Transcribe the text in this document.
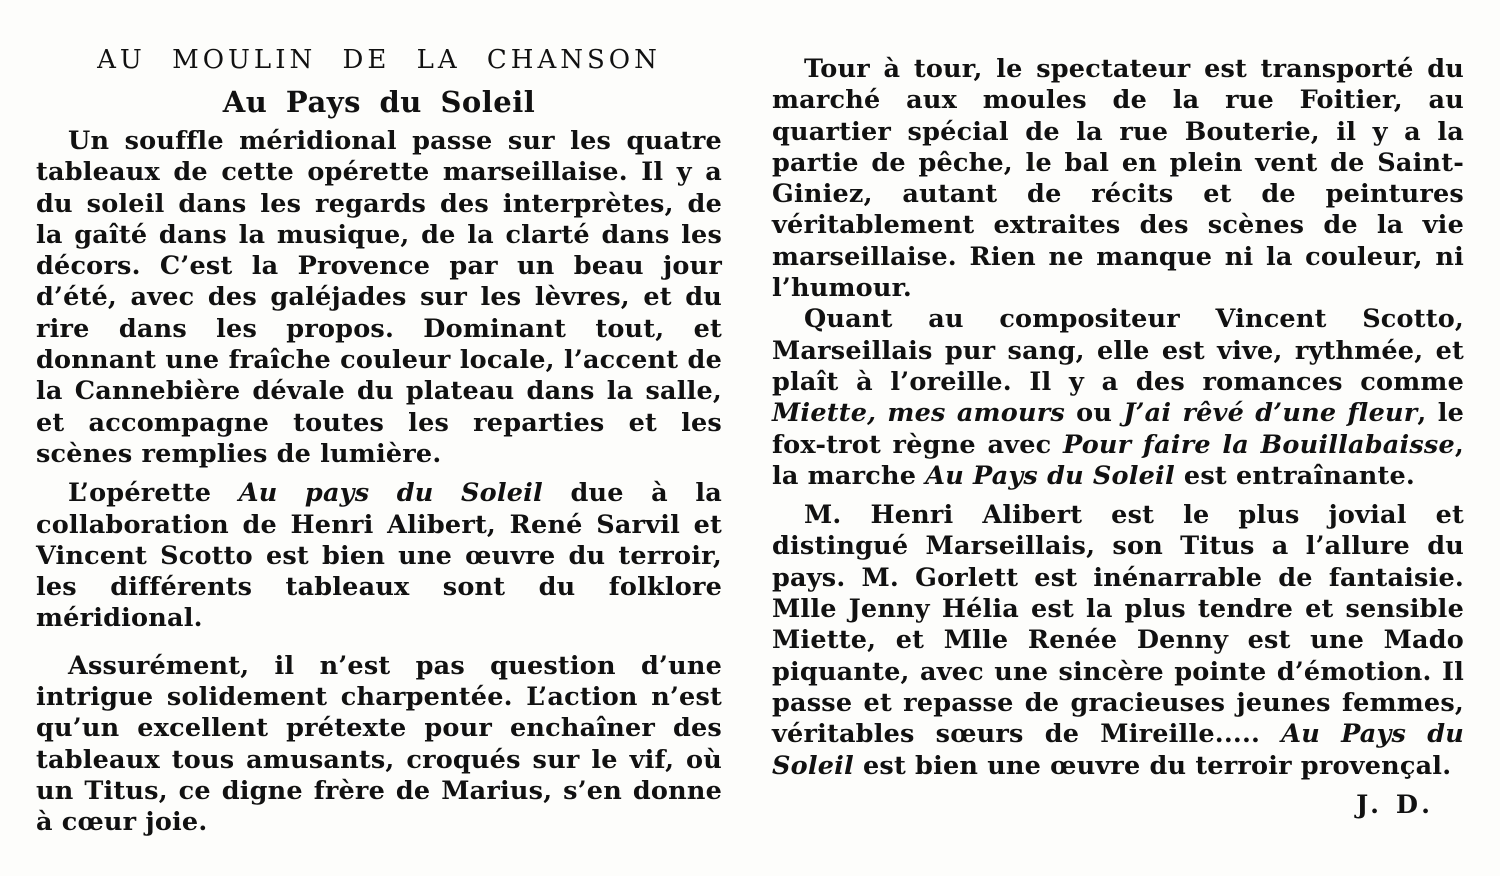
AU MOULIN DE LA CHANSON
Au Pays du Soleil

Un souffle méridional passe sur les quatre tableaux de cette opérette marseillaise. Il y a du soleil dans les regards des interprètes, de la gaîté dans la musique, de la clarté dans les décors. C’est la Provence par un beau jour d’été, avec des galéjades sur les lèvres, et du rire dans les propos. Dominant tout, et donnant une fraîche couleur locale, l’accent de la Cannebière dévale du plateau dans la salle, et accompagne toutes les reparties et les scènes remplies de lumière.

L’opérette Au pays du Soleil due à la collaboration de Henri Alibert, René Sarvil et Vincent Scotto est bien une œuvre du terroir, les différents tableaux sont du folklore méridional.

Assurément, il n’est pas question d’une intrigue solidement charpentée. L’action n’est qu’un excellent prétexte pour enchaîner des tableaux tous amusants, croqués sur le vif, où un Titus, ce digne frère de Marius, s’en donne à cœur joie.

Tour à tour, le spectateur est transporté du marché aux moules de la rue Foitier, au quartier spécial de la rue Bouterie, il y a la partie de pêche, le bal en plein vent de Saint-Giniez, autant de récits et de peintures véritablement extraites des scènes de la vie marseillaise. Rien ne manque ni la couleur, ni l’humour.

Quant au compositeur Vincent Scotto, Marseillais pur sang, elle est vive, rythmée, et plaît à l’oreille. Il y a des romances comme Miette, mes amours ou J’ai rêvé d’une fleur, le fox-trot règne avec Pour faire la Bouillabaisse, la marche Au Pays du Soleil est entraînante.

M. Henri Alibert est le plus jovial et distingué Marseillais, son Titus a l’allure du pays. M. Gorlett est inénarrable de fantaisie. Mlle Jenny Hélia est la plus tendre et sensible Miette, et Mlle Renée Denny est une Mado piquante, avec une sincère pointe d’émotion. Il passe et repasse de gracieuses jeunes femmes, véritables sœurs de Mireille..... Au Pays du Soleil est bien une œuvre du terroir provençal.

J. D.
